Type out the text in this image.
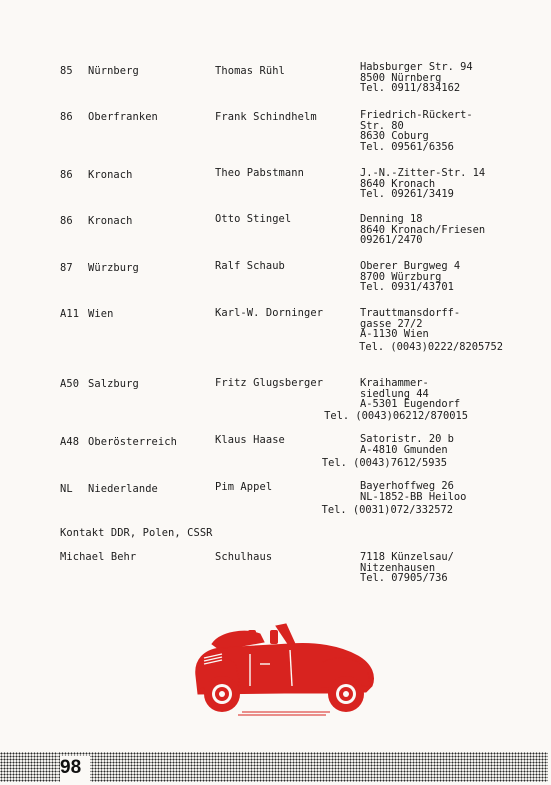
85 Nürnberg	Thomas Rühl	Habsburger Str. 94
8500 Nürnberg
Tel. 0911/834162
86 Oberfranken	Frank Schindhelm	Friedrich-Rückert-
Str. 80
8630 Coburg
Tel. 09561/6356
86 Kronach	Theo Pabstmann	J.-N.-Zitter-Str. 14
8640 Kronach
Tel. 09261/3419
86 Kronach	Otto Stingel	Denning 18
8640 Kronach/Friesen
09261/2470
87 Würzburg	Ralf Schaub	Oberer Burgweg 4
8700 Würzburg
Tel. 0931/43701
A11 Wien	Karl-W. Dorninger	Trauttmansdorff-
gasse 27/2
A-1130 Wien
Tel. (0043)0222/8205752
A50 Salzburg	Fritz Glugsberger	Kraihammer-
siedlung 44
A-5301 Eugendorf
Tel. (0043)06212/870015
A48 Oberösterreich	Klaus Haase	Satoristr. 20 b
A-4810 Gmunden
Tel. (0043)7612/5935
NL Niederlande	Pim Appel	Bayerhoffweg 26
NL-1852-BB Heiloo
Tel. (0031)072/332572
Kontakt DDR, Polen, CSSR
Michael Behr	Schulhaus	7118 Künzelsau/
Nitzenhausen
Tel. 07905/736
98
